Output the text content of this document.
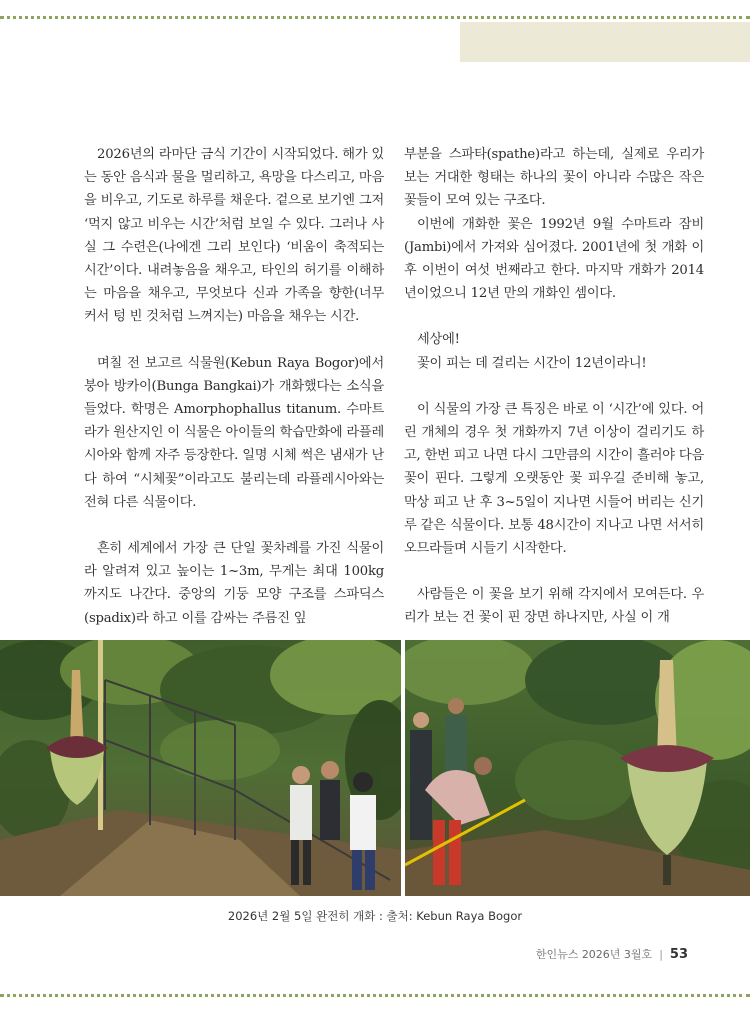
2026년의 라마단 금식 기간이 시작되었다. 해가 있는 동안 음식과 물을 멀리하고, 욕망을 다스리고, 마음을 비우고, 기도로 하루를 채운다. 겉으로 보기엔 그저 ‘먹지 않고 비우는 시간’처럼 보일 수 있다. 그러나 사실 그 수련은(나에겐 그리 보인다) ‘비움이 축적되는 시간’이다. 내려놓음을 채우고, 타인의 허기를 이해하는 마음을 채우고, 무엇보다 신과 가족을 향한(너무 커서 텅 빈 것처럼 느껴지는) 마음을 채우는 시간.

며칠 전 보고르 식물원(Kebun Raya Bogor)에서 붕아 방카이(Bunga Bangkai)가 개화했다는 소식을 들었다. 학명은 Amorphophallus titanum. 수마트라가 원산지인 이 식물은 아이들의 학습만화에 라플레시아와 함께 자주 등장한다. 일명 시체 썩은 냄새가 난다 하여 “시체꽃”이라고도 불리는데 라플레시아와는 전혀 다른 식물이다.

흔히 세계에서 가장 큰 단일 꽃차례를 가진 식물이라 알려져 있고 높이는 1~3m, 무게는 최대 100kg까지도 나간다. 중앙의 기둥 모양 구조를 스파딕스(spadix)라 하고 이를 감싸는 주름진 잎

부분을 스파타(spathe)라고 하는데, 실제로 우리가 보는 거대한 형태는 하나의 꽃이 아니라 수많은 작은 꽃들이 모여 있는 구조다.

이번에 개화한 꽃은 1992년 9월 수마트라 잠비(Jambi)에서 가져와 심어졌다. 2001년에 첫 개화 이후 이번이 여섯 번째라고 한다. 마지막 개화가 2014년이었으니 12년 만의 개화인 셈이다.

세상에!

꽃이 피는 데 걸리는 시간이 12년이라니!

이 식물의 가장 큰 특징은 바로 이 ‘시간’에 있다. 어린 개체의 경우 첫 개화까지 7년 이상이 걸리기도 하고, 한번 피고 나면 다시 그만큼의 시간이 흘러야 다음 꽃이 핀다. 그렇게 오랫동안 꽃 피우길 준비해 놓고, 막상 피고 난 후 3~5일이 지나면 시들어 버리는 신기루 같은 식물이다. 보통 48시간이 지나고 나면 서서히 오므라들며 시들기 시작한다.

사람들은 이 꽃을 보기 위해 각지에서 모여든다. 우리가 보는 건 꽃이 핀 장면 하나지만, 사실 이 개

2026년 2월 5일 완전히 개화 : 출처: Kebun Raya Bogor
한인뉴스 2026년 3월호 | 53
